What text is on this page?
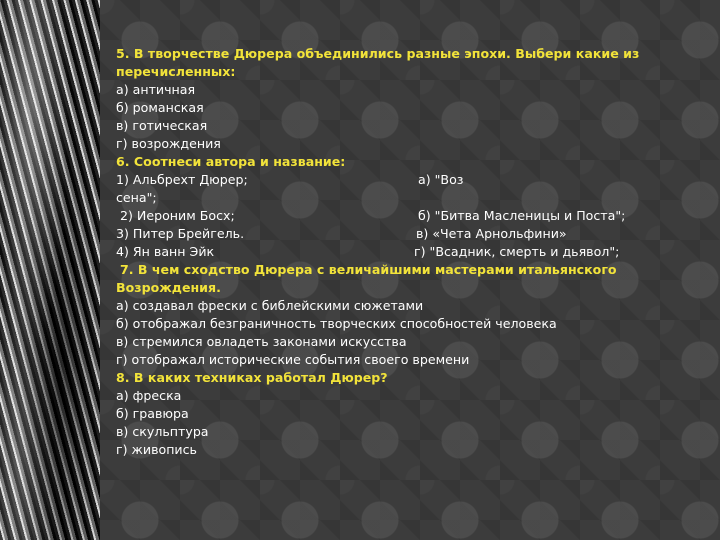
5. В творчестве Дюрера объединились разные эпохи. Выбери какие из перечисленных:
а) античная
б) романская
в) готическая
г) возрождения
6. Соотнеси автора и название:
1) Альбрехт Дюрер;	а) "Воз
сена";
2) Иероним Босх;	б) "Битва Масленицы и Поста";
3) Питер Брейгель.	в) «Чета Арнольфини»
4) Ян ванн Эйк	г) "Всадник, смерть и дьявол";
7. В чем сходство Дюрера с величайшими мастерами итальянского Возрождения.
а) создавал фрески с библейскими сюжетами
б) отображал безграничность творческих способностей человека
в) стремился овладеть законами искусства
г) отображал исторические события своего времени
8. В каких техниках работал Дюрер?
а) фреска
б) гравюра
в) скульптура
г) живопись
